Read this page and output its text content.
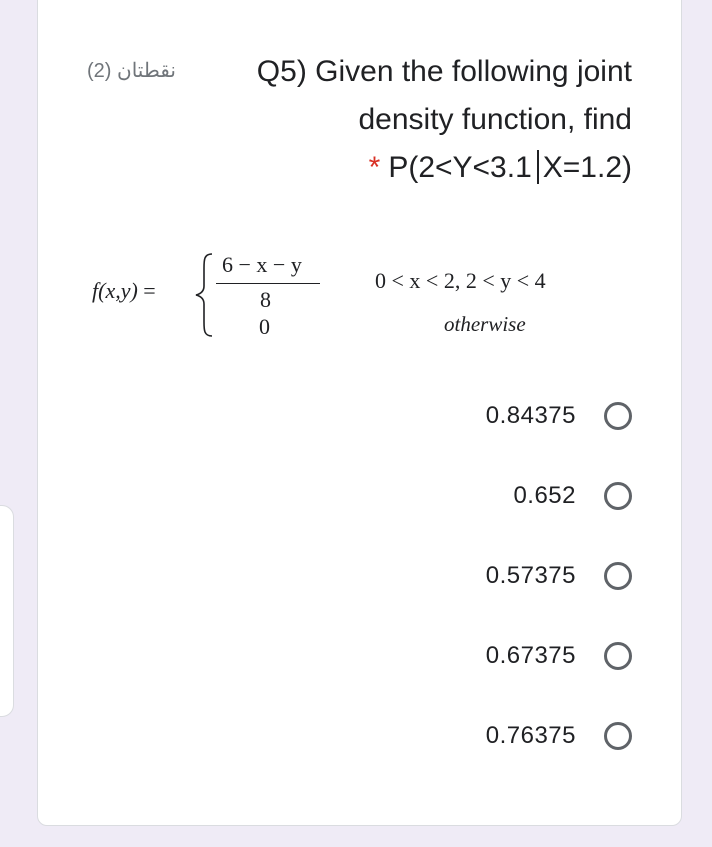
نقطتان (2)	Q5) Given the following joint
density function, find
* P(2<Y<3.1 X=1.2)
f(x,y) =
6 − x − y
8
0
0 < x < 2, 2 < y < 4
otherwise
0.84375
0.652
0.57375
0.67375
0.76375
